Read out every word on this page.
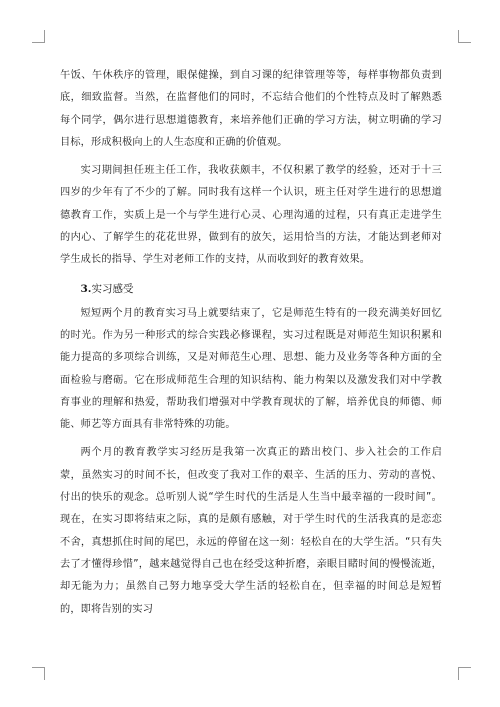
午饭、午休秩序的管理，眼保健操，到自习课的纪律管理等等，每样事物都负责到底，细致监督。当然，在监督他们的同时，不忘结合他们的个性特点及时了解熟悉每个同学，偶尔进行思想道德教育，来培养他们正确的学习方法，树立明确的学习目标，形成积极向上的人生态度和正确的价值观。

实习期间担任班主任工作，我收获颇丰，不仅积累了教学的经验，还对于十三四岁的少年有了不少的了解。同时我有这样一个认识，班主任对学生进行的思想道德教育工作，实质上是一个与学生进行心灵、心理沟通的过程，只有真正走进学生的内心、了解学生的花花世界，做到有的放矢，运用恰当的方法，才能达到老师对学生成长的指导、学生对老师工作的支持，从而收到好的教育效果。

3.实习感受

短短两个月的教育实习马上就要结束了，它是师范生特有的一段充满美好回忆的时光。作为另一种形式的综合实践必修课程，实习过程既是对师范生知识积累和能力提高的多项综合训练，又是对师范生心理、思想、能力及业务等各种方面的全面检验与磨砺。它在形成师范生合理的知识结构、能力构架以及激发我们对中学教育事业的理解和热爱，帮助我们增强对中学教育现状的了解，培养优良的师德、师能、师艺等方面具有非常特殊的功能。

两个月的教育教学实习经历是我第一次真正的踏出校门、步入社会的工作启蒙，虽然实习的时间不长，但改变了我对工作的艰辛、生活的压力、劳动的喜悦、付出的快乐的观念。总听别人说“学生时代的生活是人生当中最幸福的一段时间”。现在，在实习即将结束之际，真的是颇有感触，对于学生时代的生活我真的是恋恋不舍，真想抓住时间的尾巴，永远的停留在这一刻：轻松自在的大学生活。“只有失去了才懂得珍惜”，越来越觉得自己也在经受这种折磨，亲眼目睹时间的慢慢流逝，却无能为力；虽然自己努力地享受大学生活的轻松自在，但幸福的时间总是短暂的，即将告别的实习
